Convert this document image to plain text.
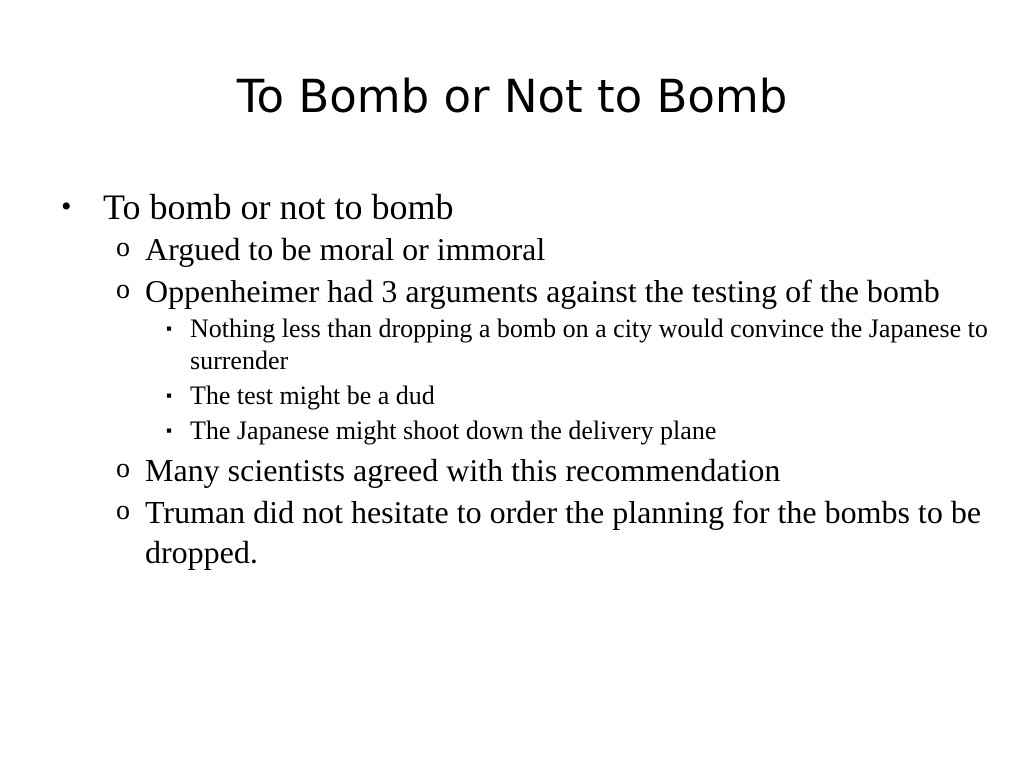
To Bomb or Not to Bomb
• To bomb or not to bomb
o Argued to be moral or immoral
o Oppenheimer had 3 arguments against the testing of the bomb
▪ Nothing less than dropping a bomb on a city would convince the Japanese to surrender
▪ The test might be a dud
▪ The Japanese might shoot down the delivery plane
o Many scientists agreed with this recommendation
o Truman did not hesitate to order the planning for the bombs to be dropped.
